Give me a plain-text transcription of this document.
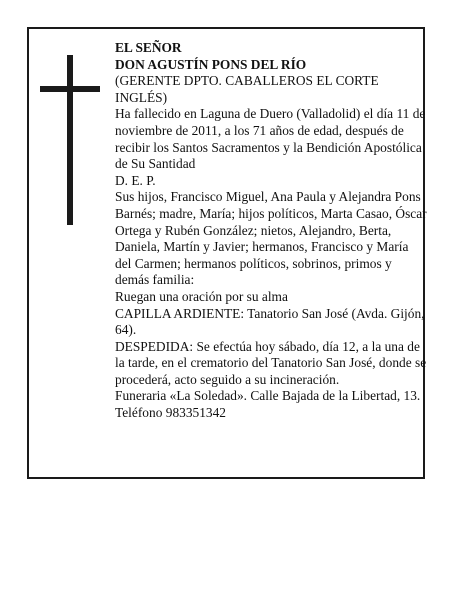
EL SEÑOR

DON AGUSTÍN PONS DEL RÍO

(GERENTE DPTO. CABALLEROS EL CORTE INGLÉS)

Ha fallecido en Laguna de Duero (Valladolid) el día 11 de noviembre de 2011, a los 71 años de edad, después de recibir los Santos Sacramentos y la Bendición Apostólica de Su Santidad

D. E. P.

Sus hijos, Francisco Miguel, Ana Paula y Alejandra Pons Barnés; madre, María; hijos políticos, Marta Casao, Óscar Ortega y Rubén González; nietos, Alejandro, Berta, Daniela, Martín y Javier; hermanos, Francisco y María del Carmen; hermanos políticos, sobrinos, primos y demás familia:

Ruegan una oración por su alma

CAPILLA ARDIENTE: Tanatorio San José (Avda. Gijón, 64).

DESPEDIDA: Se efectúa hoy sábado, día 12, a la una de la tarde, en el crematorio del Tanatorio San José, donde se procederá, acto seguido a su incineración.

Funeraria «La Soledad». Calle Bajada de la Libertad, 13. Teléfono 983351342
